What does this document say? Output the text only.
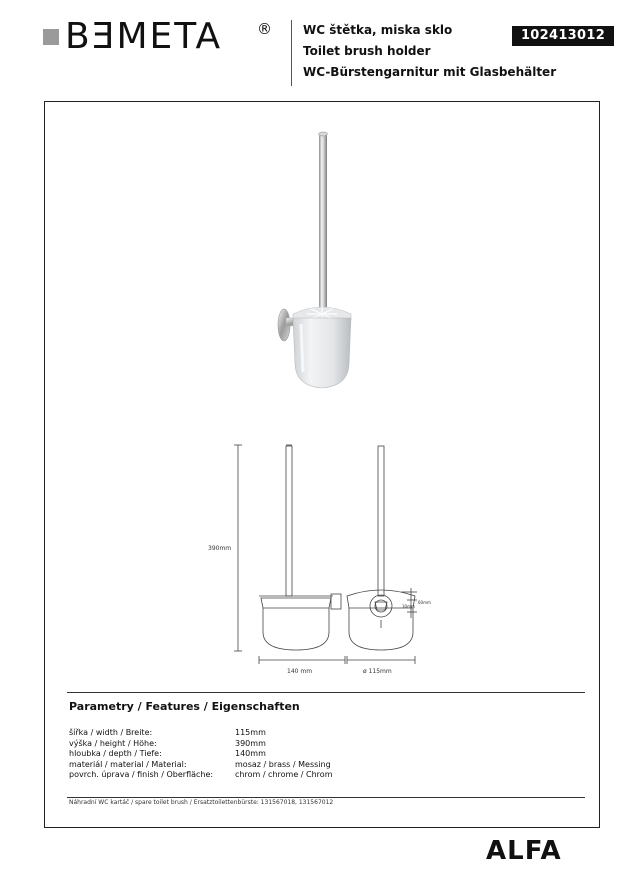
BƎMETA ®	WC štětka, miska sklo
Toilet brush holder
WC-Bürstengarnitur mit Glasbehälter
102413012
390mm
140 mm	ø 115mm
60mm
30mm
Parametry / Features / Eigenschaften
šířka / width / Breite:	115mm
výška / height / Höhe:	390mm
hloubka / depth / Tiefe:	140mm
materiál / material / Material:	mosaz / brass / Messing
povrch. úprava / finish / Oberfläche:	chrom / chrome / Chrom
Náhradní WC kartáč / spare toilet brush / Ersatztoilettenbürste: 131567018, 131567012
ALFA
